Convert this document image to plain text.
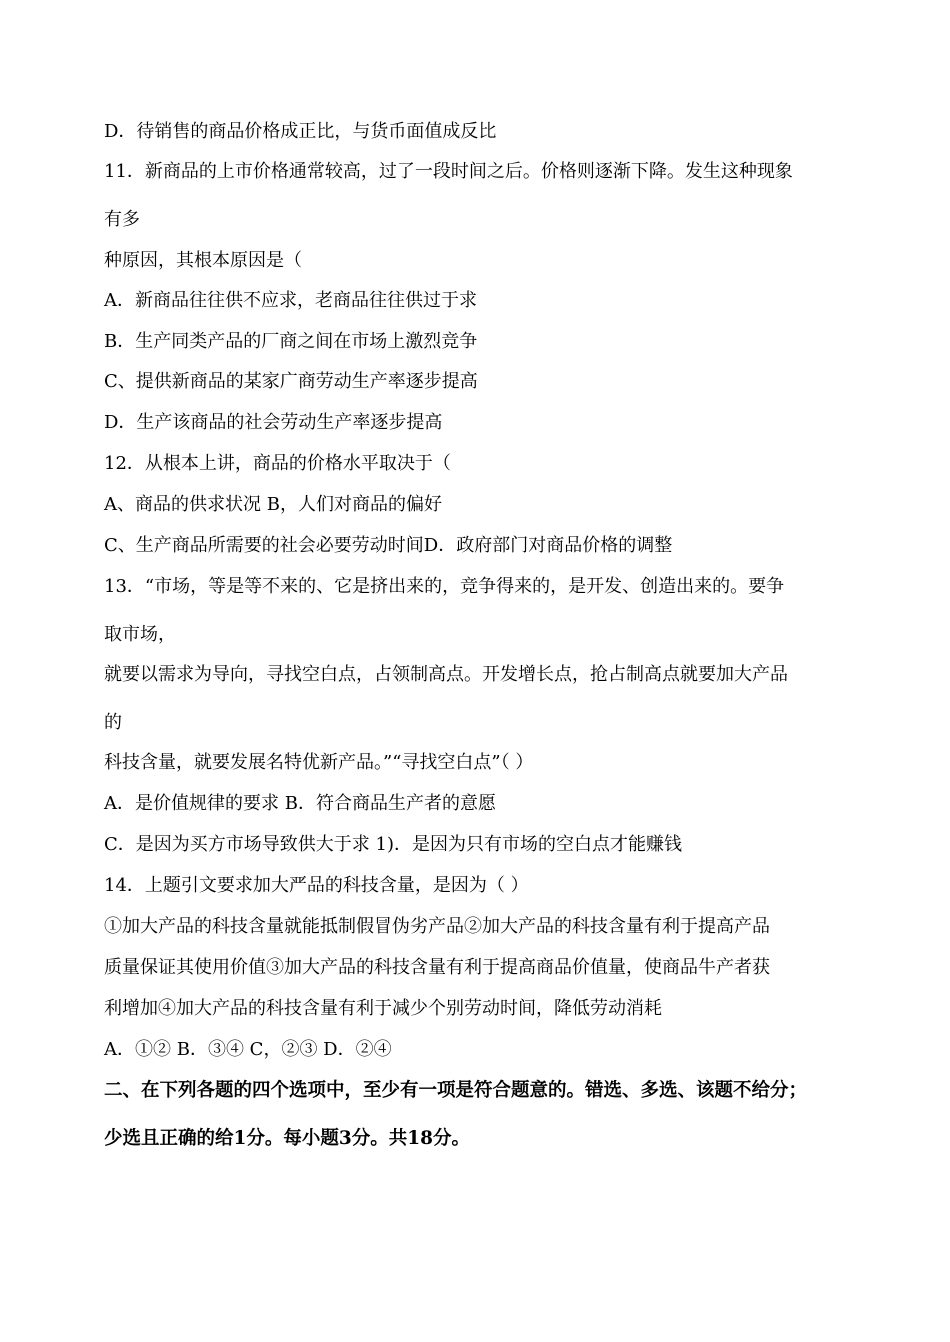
D．待销售的商品价格成正比，与货币面值成反比
11．新商品的上市价格通常较高，过了一段时间之后。价格则逐渐下降。发生这种现象
有多
种原因，其根本原因是（
A．新商品往往供不应求，老商品往往供过于求
B．生产同类产品的厂商之间在市场上激烈竞争
C、提供新商品的某家广商劳动生产率逐步提高
D．生产该商品的社会劳动生产率逐步提高
12．从根本上讲，商品的价格水平取决于（
A、商品的供求状况 B，人们对商品的偏好
C、生产商品所需要的社会必要劳动时间D．政府部门对商品价格的调整
13．“市场，等是等不来的、它是挤出来的，竞争得来的，是开发、创造出来的。要争
取市场，
就要以需求为导向，寻找空白点，占领制高点。开发增长点，抢占制高点就要加大产品
的
科技含量，就要发展名特优新产品。”“寻找空白点”（ ）
A．是价值规律的要求 B．符合商品生产者的意愿
C．是因为买方市场导致供大于求 1)．是因为只有市场的空白点才能赚钱
14．上题引文要求加大严品的科技含量，是因为（ ）
①加大产品的科技含量就能抵制假冒伪劣产品②加大产品的科技含量有利于提高产品
质量保证其使用价值③加大产品的科技含量有利于提高商品价值量，使商品牛产者获
利增加④加大产品的科技含量有利于减少个别劳动时间，降低劳动消耗
A．①② B．③④ C，②③ D．②④
二、在下列各题的四个选项中，至少有一项是符合题意的。错选、多选、该题不给分；
少选且正确的给1分。每小题3分。共18分。
